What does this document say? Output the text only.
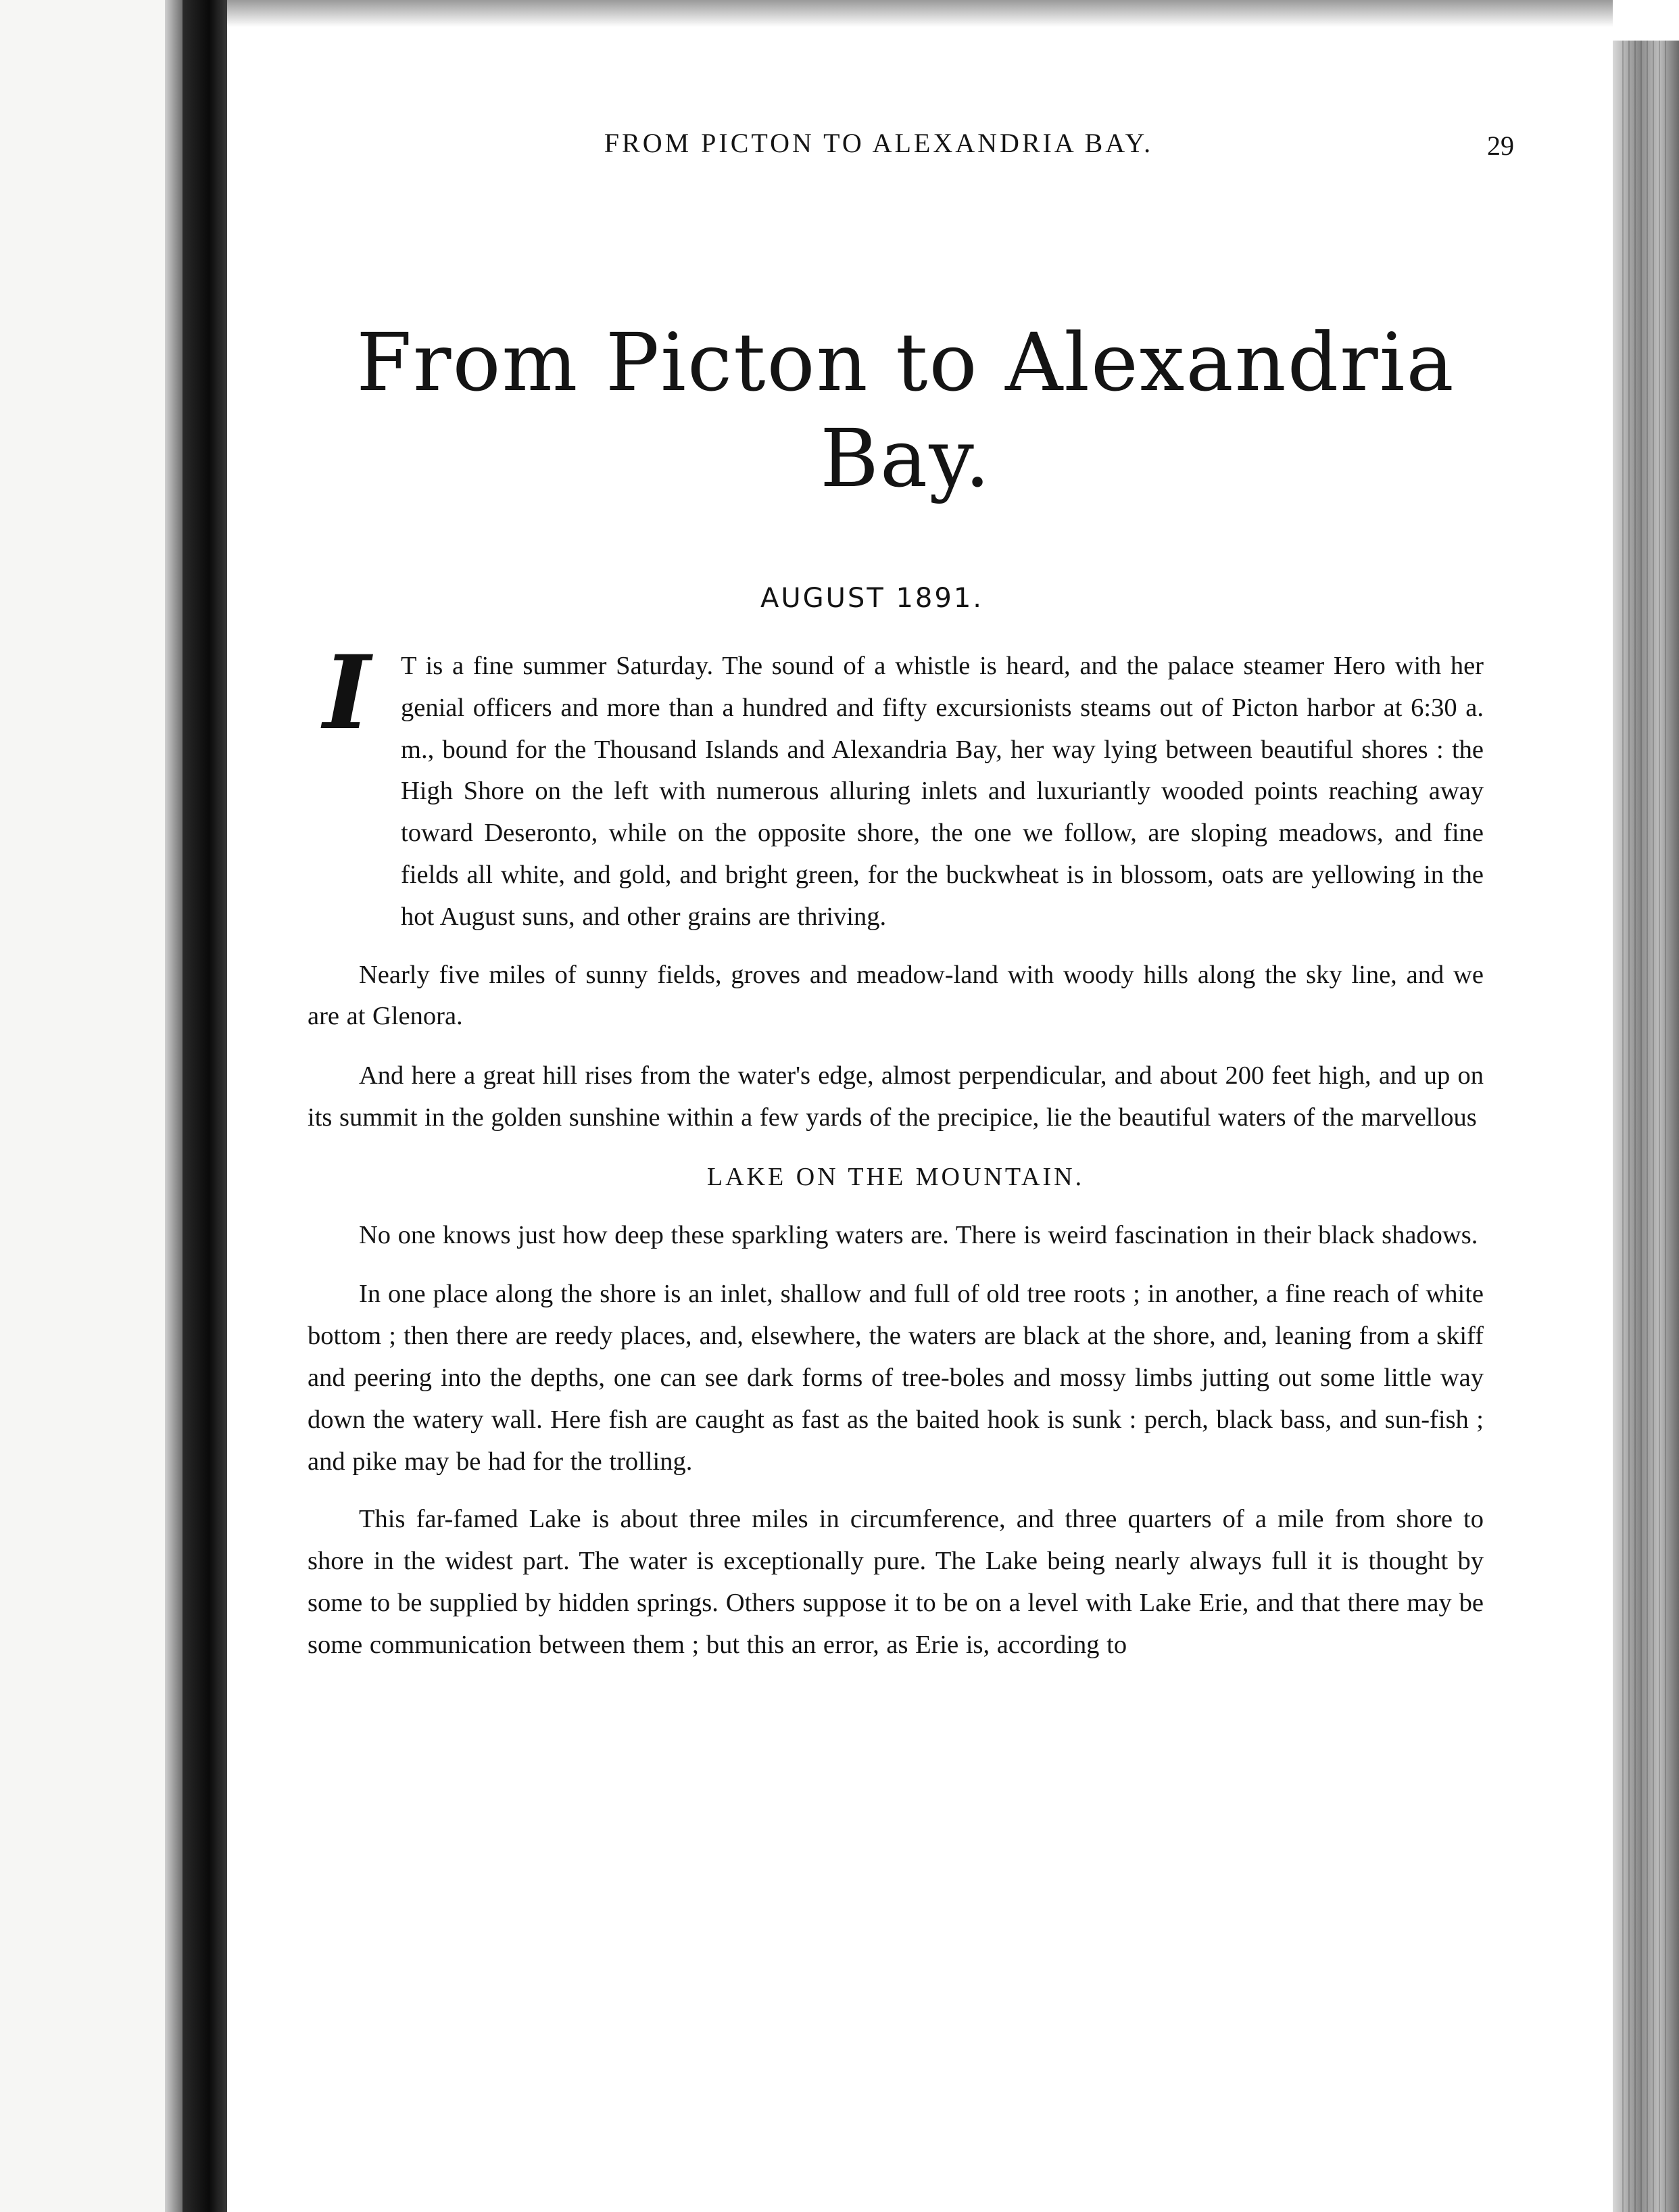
FROM PICTON TO ALEXANDRIA BAY.	29
From Picton to Alexandria
Bay.
AUGUST 1891.
I	T is a fine summer Saturday. The sound of a whistle is heard, and the palace steamer Hero with her genial officers and more than a hundred and fifty excursionists steams out of Picton harbor at 6:30 a. m., bound for the Thousand Islands and Alexandria Bay, her way lying between beautiful shores : the High Shore on the left with numerous alluring inlets and luxuriantly wooded points reaching away toward Deseronto, while on the opposite shore, the one we follow, are sloping meadows, and fine fields all white, and gold, and bright green, for the buckwheat is in blossom, oats are yellowing in the hot August suns, and other grains are thriving.

Nearly five miles of sunny fields, groves and meadow-land with woody hills along the sky line, and we are at Glenora.

And here a great hill rises from the water's edge, almost perpendicular, and about 200 feet high, and up on its summit in the golden sunshine within a few yards of the precipice, lie the beautiful waters of the marvellous

LAKE ON THE MOUNTAIN.

No one knows just how deep these sparkling waters are. There is weird fascination in their black shadows.

In one place along the shore is an inlet, shallow and full of old tree roots ; in another, a fine reach of white bottom ; then there are reedy places, and, elsewhere, the waters are black at the shore, and, leaning from a skiff and peering into the depths, one can see dark forms of tree-boles and mossy limbs jutting out some little way down the watery wall. Here fish are caught as fast as the baited hook is sunk : perch, black bass, and sun-fish ; and pike may be had for the trolling.

This far-famed Lake is about three miles in circumference, and three quarters of a mile from shore to shore in the widest part. The water is exceptionally pure. The Lake being nearly always full it is thought by some to be supplied by hidden springs. Others suppose it to be on a level with Lake Erie, and that there may be some communication between them ; but this an error, as Erie is, according to
